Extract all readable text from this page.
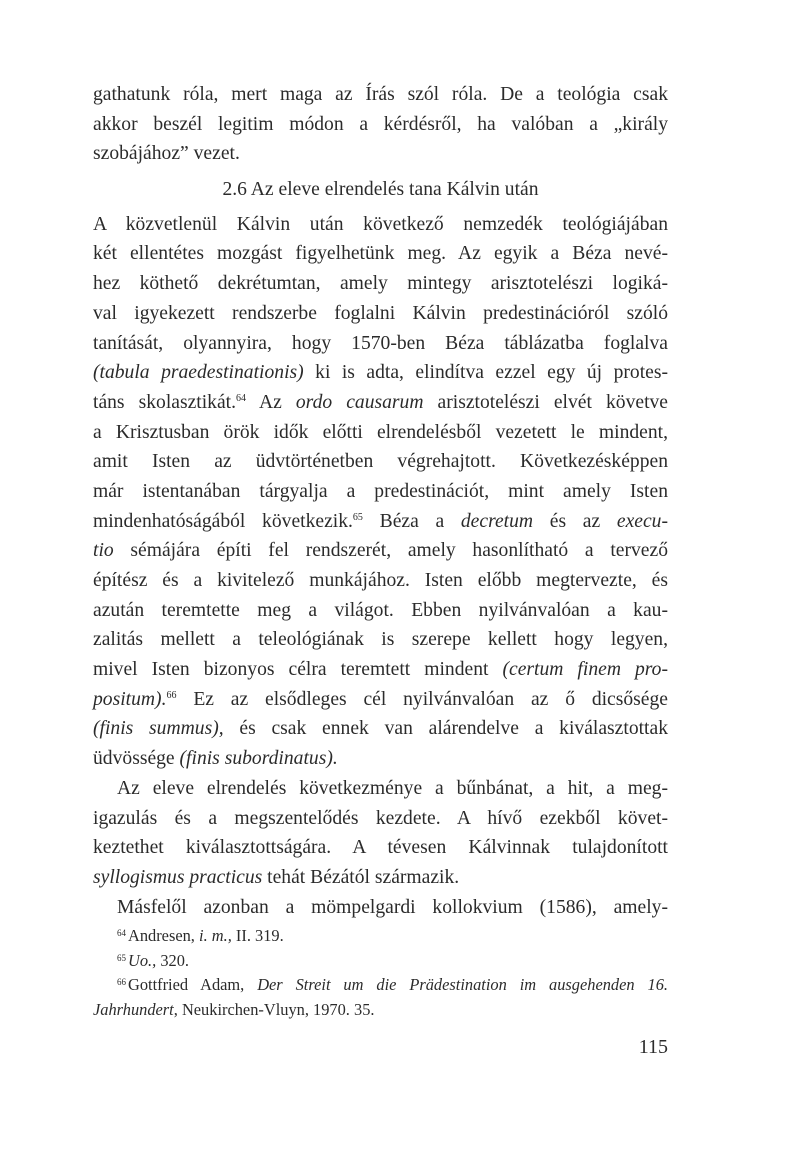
gathatunk róla, mert maga az Írás szól róla. De a teológia csak
akkor beszél legitim módon a kérdésről, ha valóban a „király
szobájához” vezet.
2.6 Az eleve elrendelés tana Kálvin után
A közvetlenül Kálvin után következő nemzedék teológiájában
két ellentétes mozgást figyelhetünk meg. Az egyik a Béza nevé-
hez köthető dekrétumtan, amely mintegy arisztotelészi logiká-
val igyekezett rendszerbe foglalni Kálvin predestinációról szóló
tanítását, olyannyira, hogy 1570-ben Béza táblázatba foglalva
(tabula praedestinationis) ki is adta, elindítva ezzel egy új protes-
táns skolasztikát.$^{64}$ Az ordo causarum arisztotelészi elvét követve
a Krisztusban örök idők előtti elrendelésből vezetett le mindent,
amit Isten az üdvtörténetben végrehajtott. Következésképpen
már istentanában tárgyalja a predestinációt, mint amely Isten
mindenhatóságából következik.$^{65}$ Béza a decretum és az execu-
tio sémájára építi fel rendszerét, amely hasonlítható a tervező
építész és a kivitelező munkájához. Isten előbb megtervezte, és
azután teremtette meg a világot. Ebben nyilvánvalóan a kau-
zalitás mellett a teleológiának is szerepe kellett hogy legyen,
mivel Isten bizonyos célra teremtett mindent (certum finem pro-
positum).$^{66}$ Ez az elsődleges cél nyilvánvalóan az ő dicsősége
(finis summus), és csak ennek van alárendelve a kiválasztottak
üdvössége (finis subordinatus).
Az eleve elrendelés következménye a bűnbánat, a hit, a meg-
igazulás és a megszentelődés kezdete. A hívő ezekből követ-
keztethet kiválasztottságára. A tévesen Kálvinnak tulajdonított
syllogismus practicus tehát Bézától származik.
Másfelől azonban a mömpelgardi kollokvium (1586), amely-
$^{64}$ Andresen, i. m., II. 319.
$^{65}$ Uo., 320.
$^{66}$ Gottfried Adam, Der Streit um die Prädestination im ausgehenden 16.
Jahrhundert, Neukirchen-Vluyn, 1970. 35.
115
